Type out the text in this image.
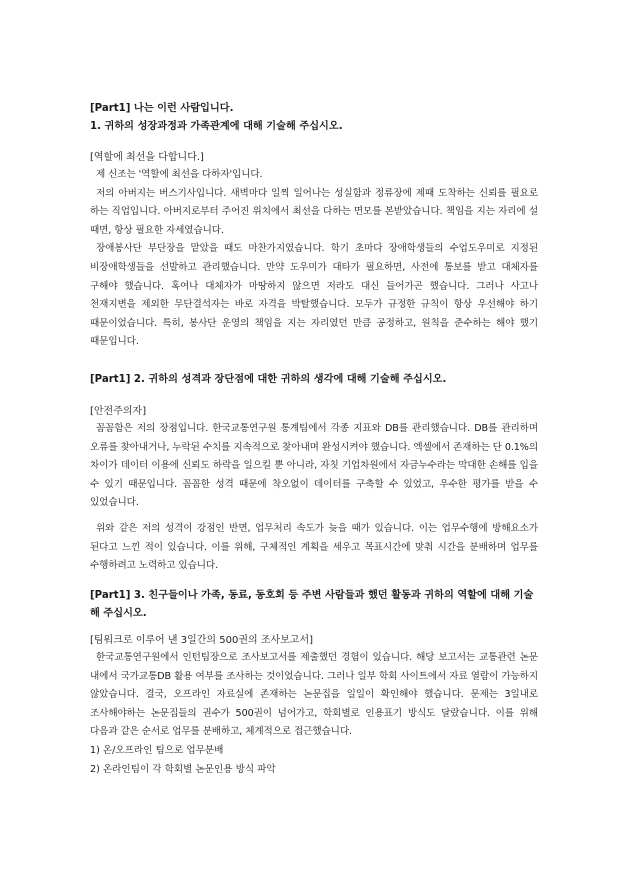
[Part1] 나는 이런 사람입니다.

1. 귀하의 성장과정과 가족관계에 대해 기술해 주십시오.

[역할에 최선을 다합니다.]

제 신조는 '역할에 최선을 다하자'입니다.

저의 아버지는 버스기사입니다. 새벽마다 일찍 일어나는 성실함과 정류장에 제때 도착하는 신뢰를 필요로 하는 직업입니다. 아버지로부터 주어진 위치에서 최선을 다하는 면모를 본받았습니다. 책임을 지는 자리에 설 때면, 항상 필요한 자세였습니다.

장애봉사단 부단장을 맡았을 때도 마찬가지였습니다. 학기 초마다 장애학생들의 수업도우미로 지정된 비장애학생들을 선발하고 관리했습니다. 만약 도우미가 대타가 필요하면, 사전에 통보를 받고 대체자를 구해야 했습니다. 혹여나 대체자가 마땅하지 않으면 저라도 대신 들어가곤 했습니다. 그러나 사고나 천재지변을 제외한 무단결석자는 바로 자격을 박탈했습니다. 모두가 규정한 규칙이 항상 우선해야 하기 때문이었습니다. 특히, 봉사단 운영의 책임을 지는 자리였던 만큼 공정하고, 원칙을 준수하는 해야 했기 때문입니다.

[Part1] 2. 귀하의 성격과 장단점에 대한 귀하의 생각에 대해 기술해 주십시오.

[안전주의자]

꼼꼼함은 저의 장점입니다. 한국교통연구원 통계팀에서 각종 지표와 DB를 관리했습니다. DB를 관리하며 오류를 찾아내거나, 누락된 수치를 지속적으로 찾아내며 완성시켜야 했습니다. 엑셀에서 존재하는 단 0.1%의 차이가 데이터 이용에 신뢰도 하락을 일으킬 뿐 아니라, 자칫 기업차원에서 자금누수라는 막대한 손해를 입을 수 있기 때문입니다. 꼼꼼한 성격 때문에 착오없이 데이터를 구축할 수 있었고, 우수한 평가를 받을 수 있었습니다.

위와 같은 저의 성격이 강점인 반면, 업무처리 속도가 늦을 때가 있습니다. 이는 업무수행에 방해요소가 된다고 느낀 적이 있습니다. 이를 위해, 구체적인 계획을 세우고 목표시간에 맞춰 시간을 분배하며 업무를 수행하려고 노력하고 있습니다.

[Part1] 3. 친구들이나 가족, 동료, 동호회 등 주변 사람들과 했던 활동과 귀하의 역할에 대해 기술해 주십시오.

[팀워크로 이루어 낸 3일간의 500권의 조사보고서]

한국교통연구원에서 인턴팀장으로 조사보고서를 제출했던 경험이 있습니다. 해당 보고서는 교통관련 논문 내에서 국가교통DB 활용 여부를 조사하는 것이었습니다. 그러나 일부 학회 사이트에서 자료 열람이 가능하지 않았습니다. 결국, 오프라인 자료실에 존재하는 논문집을 일일이 확인해야 했습니다. 문제는 3일내로 조사해야하는 논문집들의 권수가 500권이 넘어가고, 학회별로 인용표기 방식도 달랐습니다. 이를 위해 다음과 같은 순서로 업무를 분배하고, 체계적으로 접근했습니다.

1) 온/오프라인 팀으로 업무분배

2) 온라인팀이 각 학회별 논문인용 방식 파악
